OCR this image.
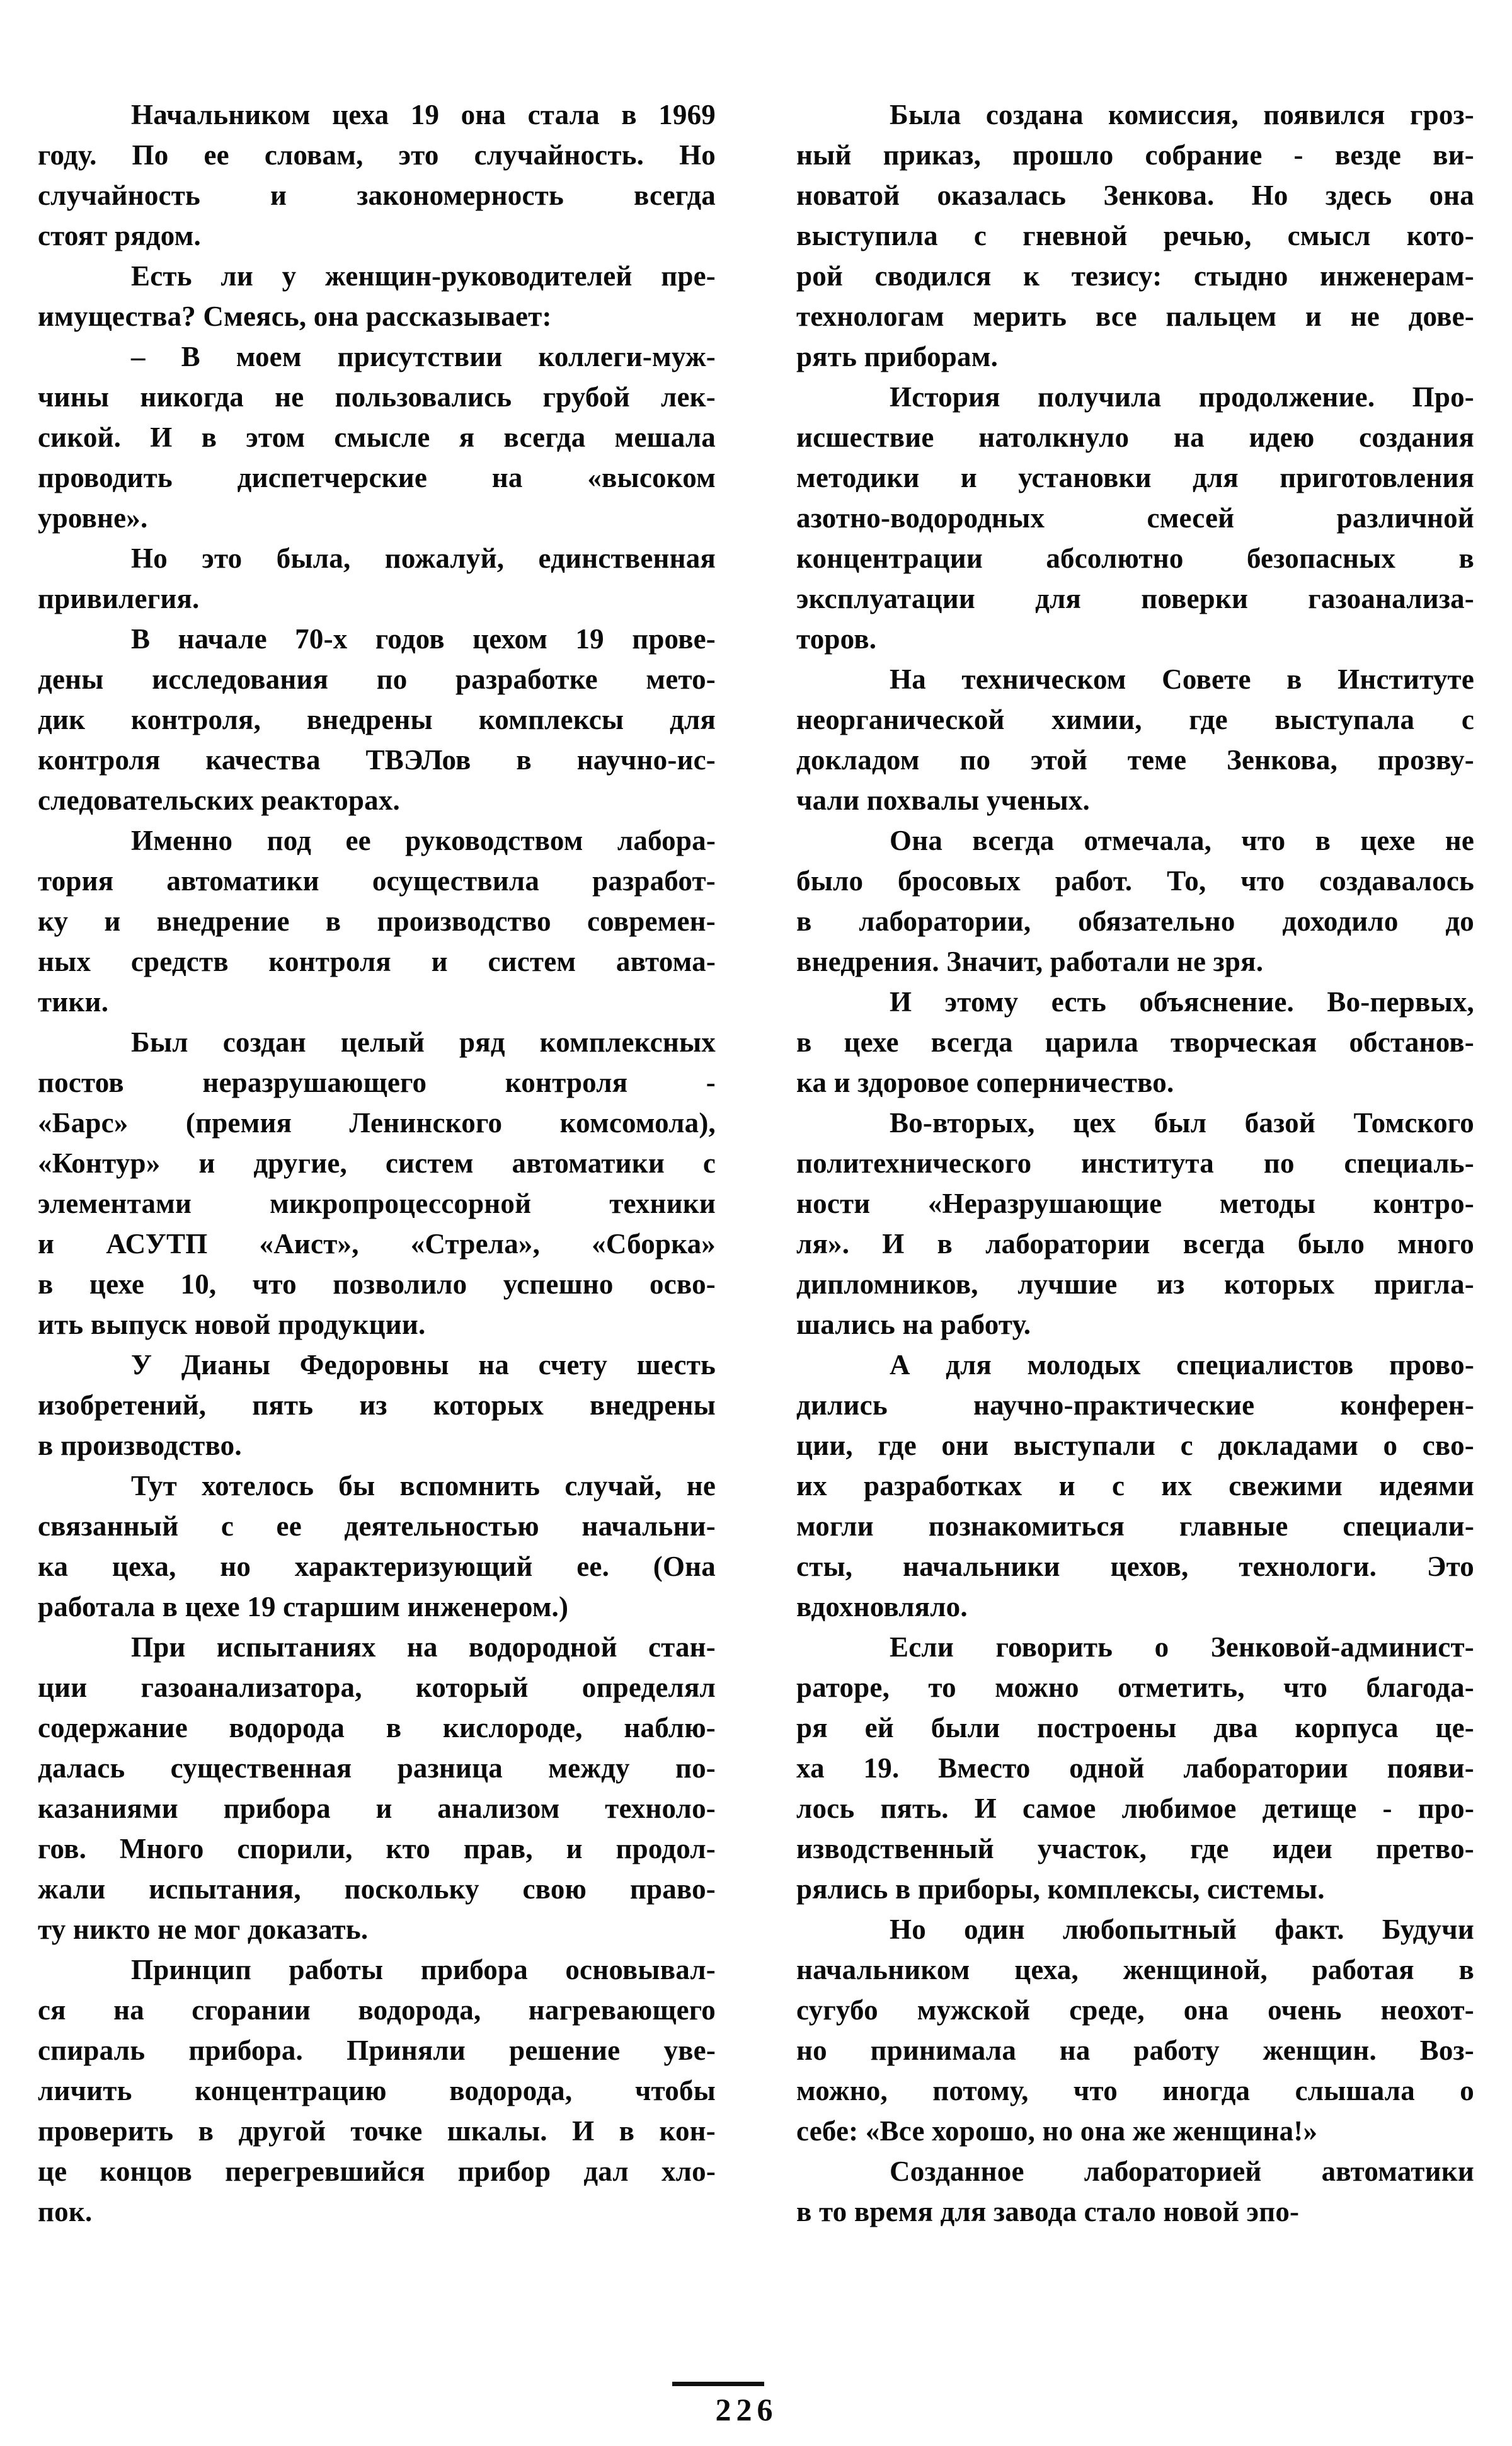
Начальником цеха 19 она стала в 1969
году. По ее словам, это случайность. Но
случайность и закономерность всегда
стоят рядом.

Есть ли у женщин-руководителей пре-
имущества? Смеясь, она рассказывает:

– В моем присутствии коллеги-муж-
чины никогда не пользовались грубой лек-
сикой. И в этом смысле я всегда мешала
проводить диспетчерские на «высоком
уровне».

Но это была, пожалуй, единственная
привилегия.

В начале 70-х годов цехом 19 прове-
дены исследования по разработке мето-
дик контроля, внедрены комплексы для
контроля качества ТВЭЛов в научно-ис-
следовательских реакторах.

Именно под ее руководством лабора-
тория автоматики осуществила разработ-
ку и внедрение в производство современ-
ных средств контроля и систем автома-
тики.

Был создан целый ряд комплексных
постов неразрушающего контроля -
«Барс» (премия Ленинского комсомола),
«Контур» и другие, систем автоматики с
элементами микропроцессорной техники
и АСУТП «Аист», «Стрела», «Сборка»
в цехе 10, что позволило успешно осво-
ить выпуск новой продукции.

У Дианы Федоровны на счету шесть
изобретений, пять из которых внедрены
в производство.

Тут хотелось бы вспомнить случай, не
связанный с ее деятельностью начальни-
ка цеха, но характеризующий ее. (Она
работала в цехе 19 старшим инженером.)

При испытаниях на водородной стан-
ции газоанализатора, который определял
содержание водорода в кислороде, наблю-
далась существенная разница между по-
казаниями прибора и анализом техноло-
гов. Много спорили, кто прав, и продол-
жали испытания, поскольку свою право-
ту никто не мог доказать.

Принцип работы прибора основывал-
ся на сгорании водорода, нагревающего
спираль прибора. Приняли решение уве-
личить концентрацию водорода, чтобы
проверить в другой точке шкалы. И в кон-
це концов перегревшийся прибор дал хло-
пок.

Была создана комиссия, появился гроз-
ный приказ, прошло собрание - везде ви-
новатой оказалась Зенкова. Но здесь она
выступила с гневной речью, смысл кото-
рой сводился к тезису: стыдно инженерам-
технологам мерить все пальцем и не дове-
рять приборам.

История получила продолжение. Про-
исшествие натолкнуло на идею создания
методики и установки для приготовления
азотно-водородных смесей различной
концентрации абсолютно безопасных в
эксплуатации для поверки газоанализа-
торов.

На техническом Совете в Институте
неорганической химии, где выступала с
докладом по этой теме Зенкова, прозву-
чали похвалы ученых.

Она всегда отмечала, что в цехе не
было бросовых работ. То, что создавалось
в лаборатории, обязательно доходило до
внедрения. Значит, работали не зря.

И этому есть объяснение. Во-первых,
в цехе всегда царила творческая обстанов-
ка и здоровое соперничество.

Во-вторых, цех был базой Томского
политехнического института по специаль-
ности «Неразрушающие методы контро-
ля». И в лаборатории всегда было много
дипломников, лучшие из которых пригла-
шались на работу.

А для молодых специалистов прово-
дились научно-практические конферен-
ции, где они выступали с докладами о сво-
их разработках и с их свежими идеями
могли познакомиться главные специали-
сты, начальники цехов, технологи. Это
вдохновляло.

Если говорить о Зенковой-админист-
раторе, то можно отметить, что благода-
ря ей были построены два корпуса це-
ха 19. Вместо одной лаборатории появи-
лось пять. И самое любимое детище - про-
изводственный участок, где идеи претво-
рялись в приборы, комплексы, системы.

Но один любопытный факт. Будучи
начальником цеха, женщиной, работая в
сугубо мужской среде, она очень неохот-
но принимала на работу женщин. Воз-
можно, потому, что иногда слышала о
себе: «Все хорошо, но она же женщина!»

Созданное лабораторией автоматики
в то время для завода стало новой эпо-

226
